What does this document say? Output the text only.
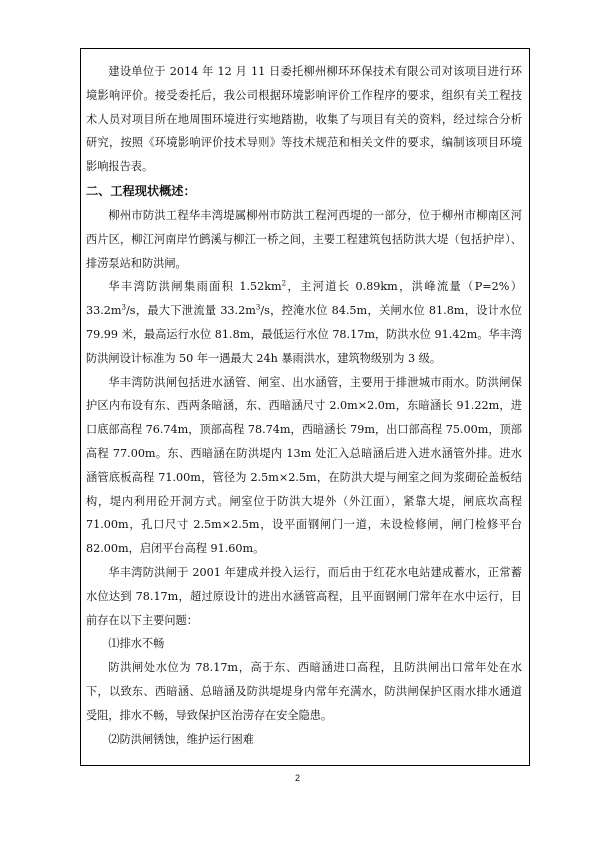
建设单位于 2014 年 12 月 11 日委托柳州柳环环保技术有限公司对该项目进行环境影响评价。接受委托后，我公司根据环境影响评价工作程序的要求，组织有关工程技术人员对项目所在地周围环境进行实地踏勘，收集了与项目有关的资料，经过综合分析研究，按照《环境影响评价技术导则》等技术规范和相关文件的要求，编制该项目环境影响报告表。

二、工程现状概述：

柳州市防洪工程华丰湾堤属柳州市防洪工程河西堤的一部分，位于柳州市柳南区河西片区，柳江河南岸竹鹧溪与柳江一桥之间，主要工程建筑包括防洪大堤（包括护岸）、排涝泵站和防洪闸。

华丰湾防洪闸集雨面积 $1.52km^2$，主河道长 0.89km，洪峰流量$(P=2\%)33.2m^3/s$，最大下泄流量 $33.2m^3/s$，控淹水位 84.5m，关闸水位 81.8m，设计水位 79.99 米，最高运行水位 81.8m，最低运行水位 78.17m，防洪水位 91.42m。华丰湾防洪闸设计标准为 50 年一遇最大 24h 暴雨洪水，建筑物级别为 3 级。

华丰湾防洪闸包括进水涵管、闸室、出水涵管，主要用于排泄城市雨水。防洪闸保护区内布设有东、西两条暗涵，东、西暗涵尺寸 2.0m×2.0m，东暗涵长 91.22m，进口底部高程 76.74m，顶部高程 78.74m，西暗涵长 79m，出口部高程 75.00m，顶部高程 77.00m。东、西暗涵在防洪堤内 13m 处汇入总暗涵后进入进水涵管外排。进水涵管底板高程 71.00m，管径为 2.5m×2.5m，在防洪大堤与闸室之间为浆砌砼盖板结构，堤内利用砼开洞方式。闸室位于防洪大堤外（外江面），紧靠大堤，闸底坎高程 71.00m，孔口尺寸 2.5m×2.5m，设平面钢闸门一道，未设检修闸，闸门检修平台 82.00m，启闭平台高程 91.60m。

华丰湾防洪闸于 2001 年建成并投入运行，而后由于红花水电站建成蓄水，正常蓄水位达到 78.17m，超过原设计的进出水涵管高程，且平面钢闸门常年在水中运行，目前存在以下主要问题：

⑴排水不畅

防洪闸处水位为 78.17m，高于东、西暗涵进口高程，且防洪闸出口常年处在水下，以致东、西暗涵、总暗涵及防洪堤堤身内常年充满水，防洪闸保护区雨水排水通道受阻，排水不畅，导致保护区治涝存在安全隐患。

⑵防洪闸锈蚀，维护运行困难

2
